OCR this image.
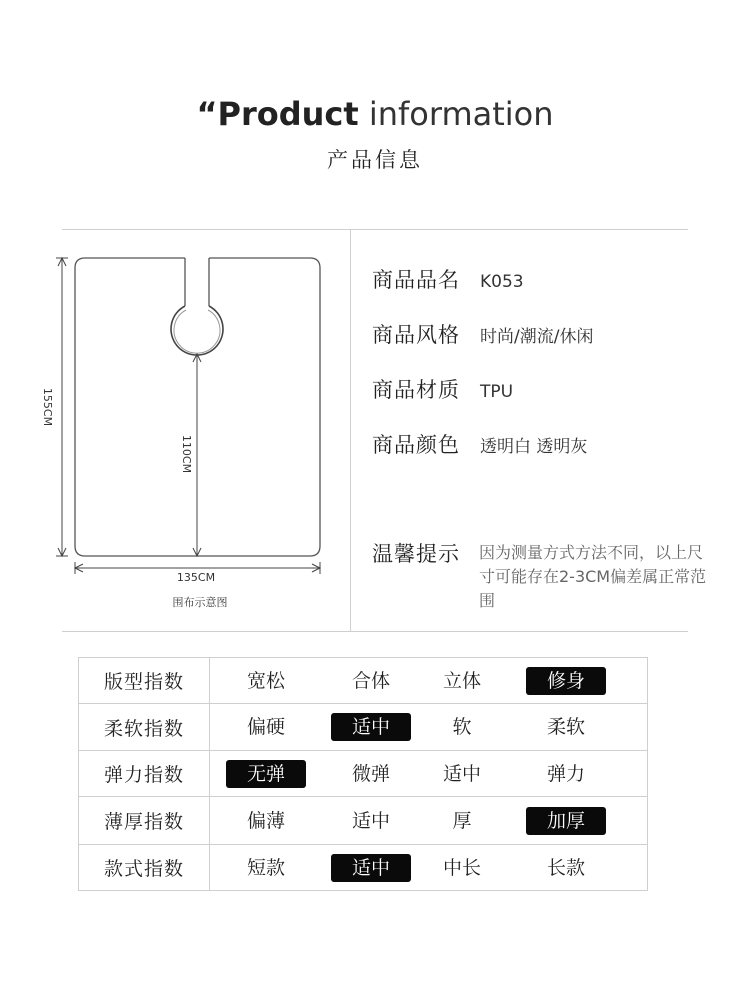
“Product information
产品信息
155CM
110CM
135CM
围布示意图
商品品名 K053
商品风格 时尚/潮流/休闲
商品材质 TPU
商品颜色 透明白 透明灰
温馨提示 因为测量方式方法不同，以上尺寸可能存在2-3CM偏差属正常范围
版型指数	宽松	合体	立体	修身
柔软指数	偏硬	适中	软	柔软
弹力指数	无弹	微弹	适中	弹力
薄厚指数	偏薄	适中	厚	加厚
款式指数	短款	适中	中长	长款
